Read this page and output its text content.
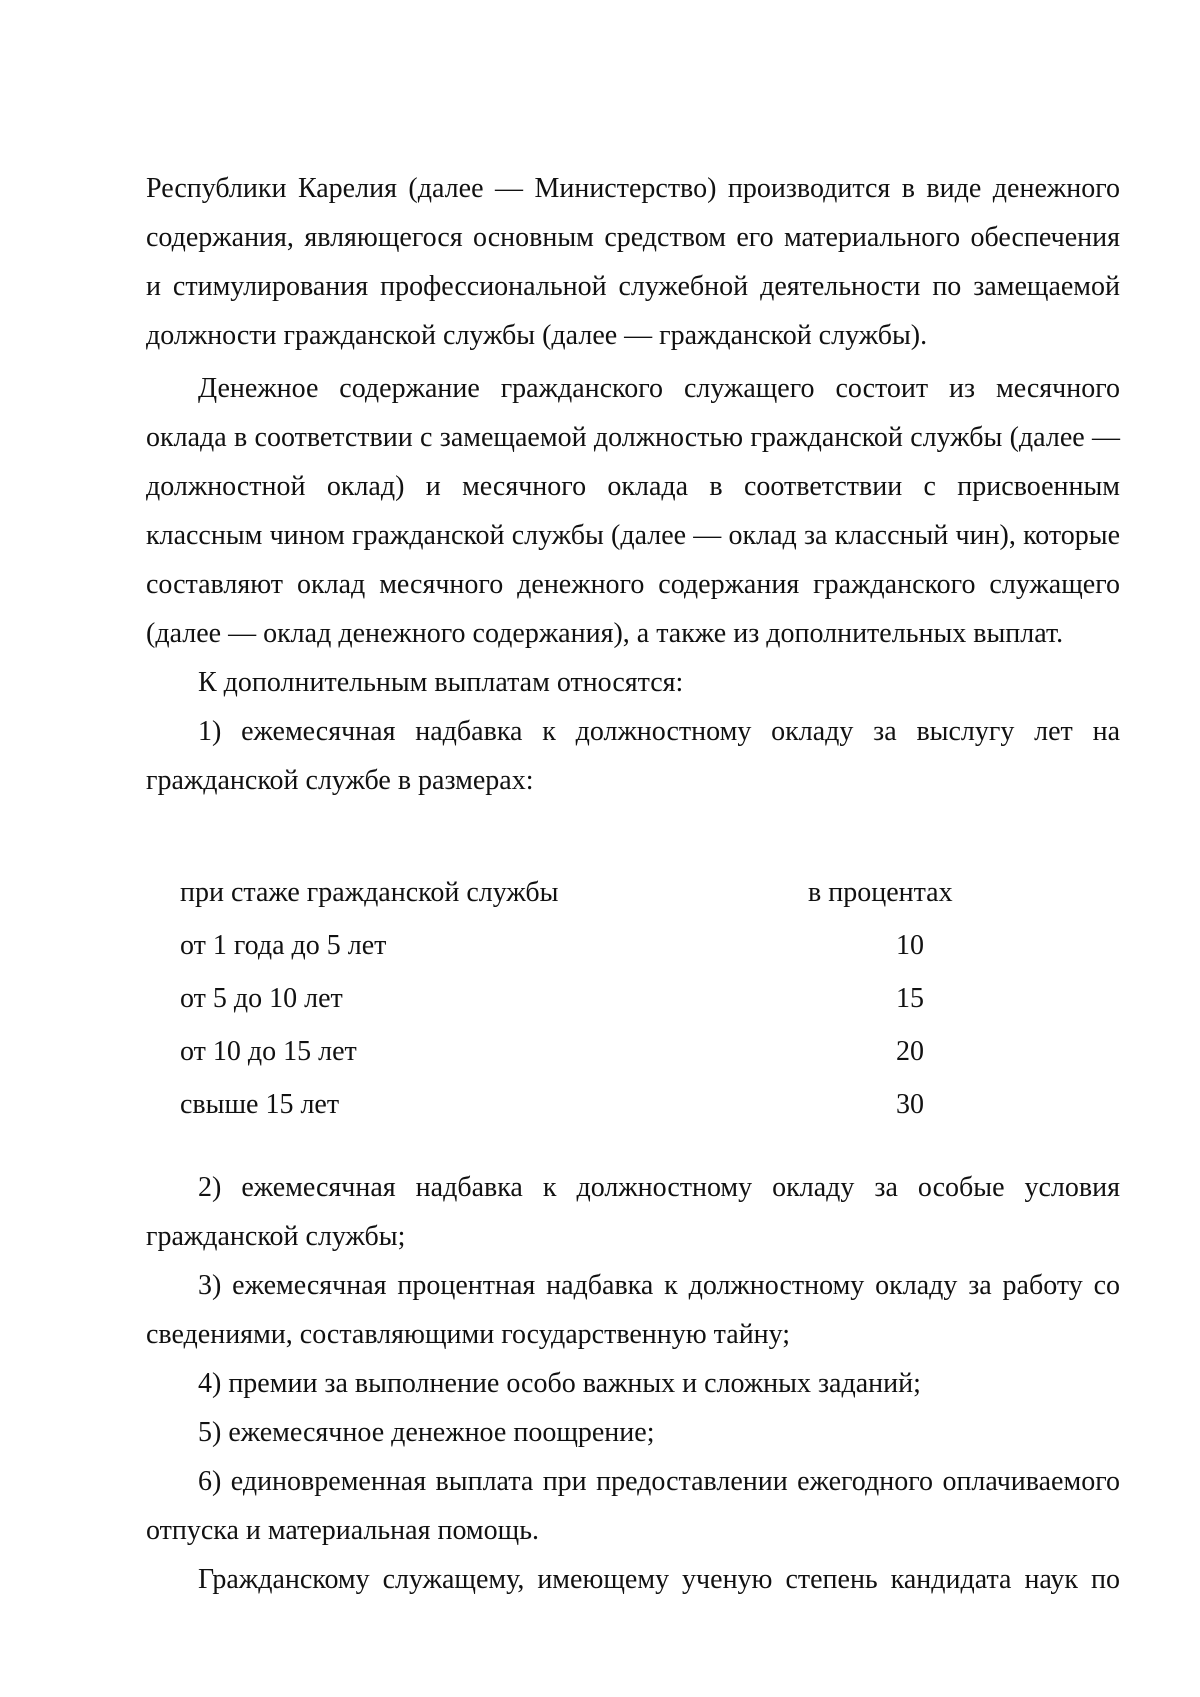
Республики Карелия (далее — Министерство) производится в виде денежного

содержания, являющегося основным средством его материального обеспечения

и стимулирования профессиональной служебной деятельности по замещаемой

должности гражданской службы (далее — гражданской службы).

Денежное содержание гражданского служащего состоит из месячного оклада в соответствии с замещаемой должностью гражданской службы (далее — должностной оклад) и месячного оклада в соответствии с присвоенным классным чином гражданской службы (далее — оклад за классный чин), которые составляют оклад месячного денежного содержания гражданского служащего (далее — оклад денежного содержания), а также из дополнительных выплат.

К дополнительным выплатам относятся:

1) ежемесячная надбавка к должностному окладу за выслугу лет на гражданской службе в размерах:

при стаже гражданской службы	в процентах
от 1 года до 5 лет	10
от 5 до 10 лет	15
от 10 до 15 лет	20
свыше 15 лет	30

2) ежемесячная надбавка к должностному окладу за особые условия гражданской службы;

3) ежемесячная процентная надбавка к должностному окладу за работу со сведениями, составляющими государственную тайну;

4) премии за выполнение особо важных и сложных заданий;

5) ежемесячное денежное поощрение;

6) единовременная выплата при предоставлении ежегодного оплачиваемого отпуска и материальная помощь.

Гражданскому служащему, имеющему ученую степень кандидата наук по
